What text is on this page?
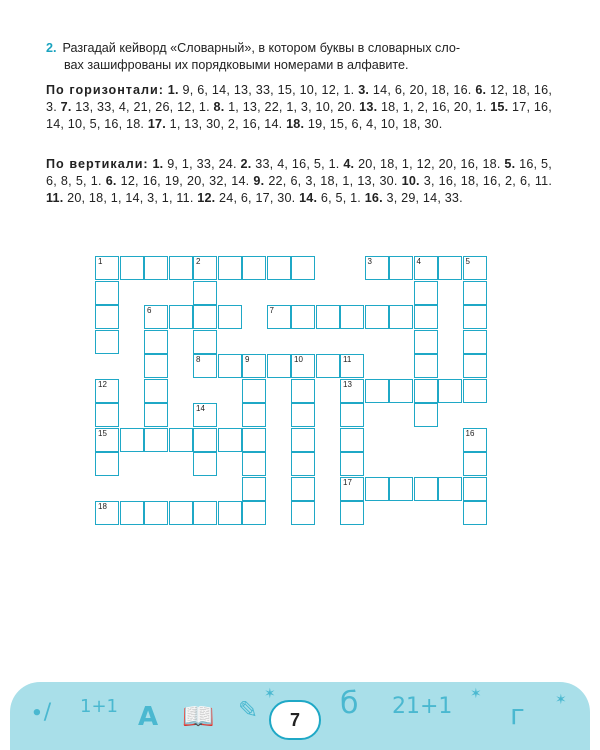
2. Разгадай кейворд «Словарный», в котором буквы в словарных сло-

вах зашифрованы их порядковыми номерами в алфавите.

По горизонтали: 1. 9, 6, 14, 13, 33, 15, 10, 12, 1. 3. 14, 6, 20, 18, 16. 6. 12, 18, 16, 3. 7. 13, 33, 4, 21, 26, 12, 1. 8. 1, 13, 22, 1, 3, 10, 20. 13. 18, 1, 2, 16, 20, 1. 15. 17, 16, 14, 10, 5, 16, 18. 17. 1, 13, 30, 2, 16, 14. 18. 19, 15, 6, 4, 10, 18, 30.
По вертикали: 1. 9, 1, 33, 24. 2. 33, 4, 16, 5, 1. 4. 20, 18, 1, 12, 20, 16, 18. 5. 16, 5, 6, 8, 5, 1. 6. 12, 16, 19, 20, 32, 14. 9. 22, 6, 3, 18, 1, 13, 30. 10. 3, 16, 18, 16, 2, 6, 11. 11. 20, 18, 1, 14, 3, 1, 11. 12. 24, 6, 17, 30. 14. 6, 5, 1. 16. 3, 29, 14, 33.
1	2	3	4	5
6	7
8	9	10	11
13
15
17
18
12
14
16
∙/ 1+1 А 📖 ✎
✶ б 21+1 ✶
г ✶
7
